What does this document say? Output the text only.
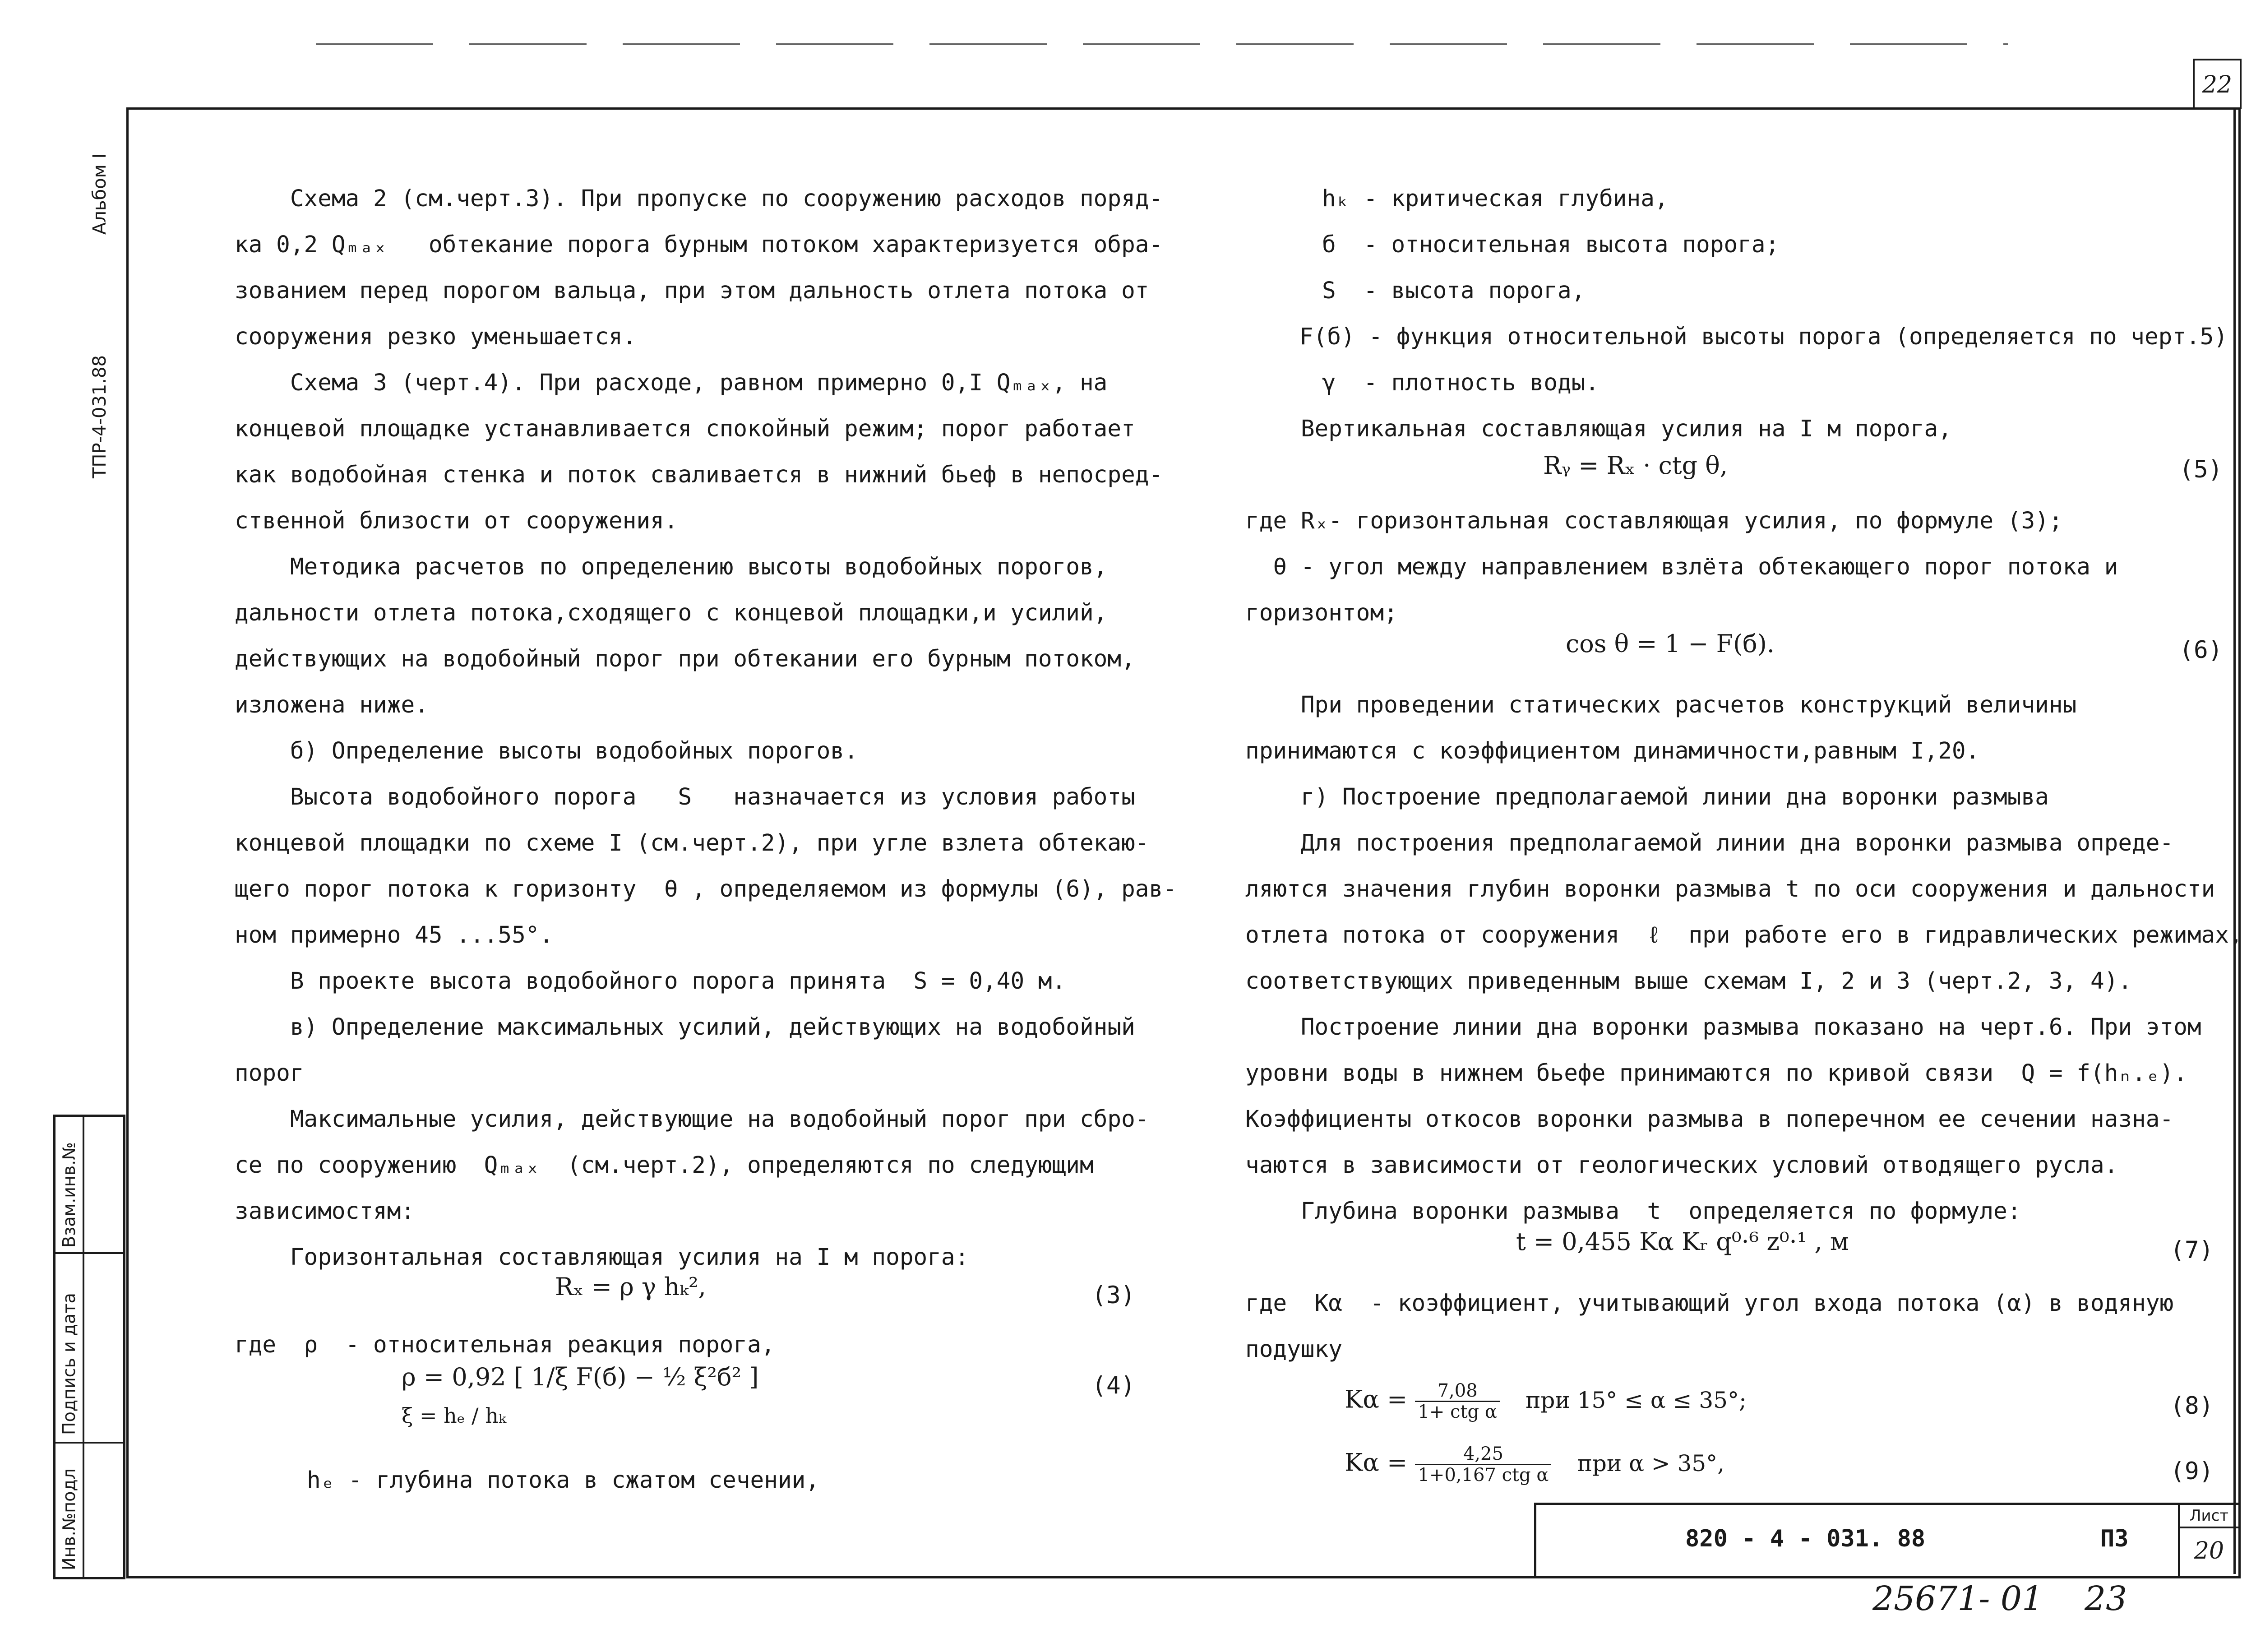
22
Альбом I
ТПР-4-031.88
Взам.инв.№
Подпись и дата
Инв.№подл
Схема 2 (см.черт.3). При пропуске по сооружению расходов поряд-
ка 0,2 Qₘₐₓ   обтекание порога бурным потоком характеризуется обра-
зованием перед порогом вальца, при этом дальность отлета потока от
сооружения резко уменьшается.
Схема 3 (черт.4). При расходе, равном примерно 0,I Qₘₐₓ, на
концевой площадке устанавливается спокойный режим; порог работает
как водобойная стенка и поток сваливается в нижний бьеф в непосред-
ственной близости от сооружения.
Методика расчетов по определению высоты водобойных порогов,
дальности отлета потока,сходящего с концевой площадки,и усилий,
действующих на водобойный порог при обтекании его бурным потоком,
изложена ниже.
б) Определение высоты водобойных порогов.
Высота водобойного порога   S   назначается из условия работы
концевой площадки по схеме I (см.черт.2), при угле взлета обтекаю-
щего порог потока к горизонту  θ , определяемом из формулы (6), рав-
ном примерно 45 ...55°.
В проекте высота водобойного порога принята  S = 0,40 м.
в) Определение максимальных усилий, действующих на водобойный
порог
Максимальные усилия, действующие на водобойный порог при сбро-
се по сооружению  Qₘₐₓ  (см.черт.2), определяются по следующим
зависимостям:
Горизонтальная составляющая усилия на I м порога:
Rₓ = ρ γ hₖ²,	(3)
где  ρ  - относительная реакция порога,
ρ = 0,92 [ 1/ξ F(б) − ½ ξ²б² ]	(4)
ξ = hₑ / hₖ
hₑ - глубина потока в сжатом сечении,
hₖ - критическая глубина,
б  - относительная высота порога;
S  - высота порога,
F(б) - функция относительной высоты порога (определяется по черт.5)
γ  - плотность воды.
Вертикальная составляющая усилия на I м порога,
Rᵧ = Rₓ · ctg θ,	(5)
где Rₓ- горизонтальная составляющая усилия, по формуле (3);
θ - угол между направлением взлёта обтекающего порог потока и
горизонтом;
cos θ = 1 − F(б).	(6)
При проведении статических расчетов конструкций величины
принимаются с коэффициентом динамичности,равным I,20.
г) Построение предполагаемой линии дна воронки размыва
Для построения предполагаемой линии дна воронки размыва опреде-
ляются значения глубин воронки размыва t по оси сооружения и дальности
отлета потока от сооружения  ℓ  при работе его в гидравлических режимах,
соответствующих приведенным выше схемам I, 2 и 3 (черт.2, 3, 4).
Построение линии дна воронки размыва показано на черт.6. При этом
уровни воды в нижнем бьефе принимаются по кривой связи  Q = f(hₙ.ₑ).
Коэффициенты откосов воронки размыва в поперечном ее сечении назна-
чаются в зависимости от геологических условий отводящего русла.
Глубина воронки размыва  t  определяется по формуле:
t = 0,455 Kα Kᵣ q⁰·⁶ z⁰·¹ , м	(7)
где  Kα  - коэффициент, учитывающий угол входа потока (α) в водяную
подушку
$K\alpha = \frac{7,08}{\text{1+ ctg α}}$ при 15° ≤ α ≤ 35°;	(8)
$K\alpha = \frac{4,25}{\text{1+0,167 ctg α}}$ при α > 35°,	(9)
820 - 4 - 031. 88	ПЗ
Лист
20
25671- 01 23
